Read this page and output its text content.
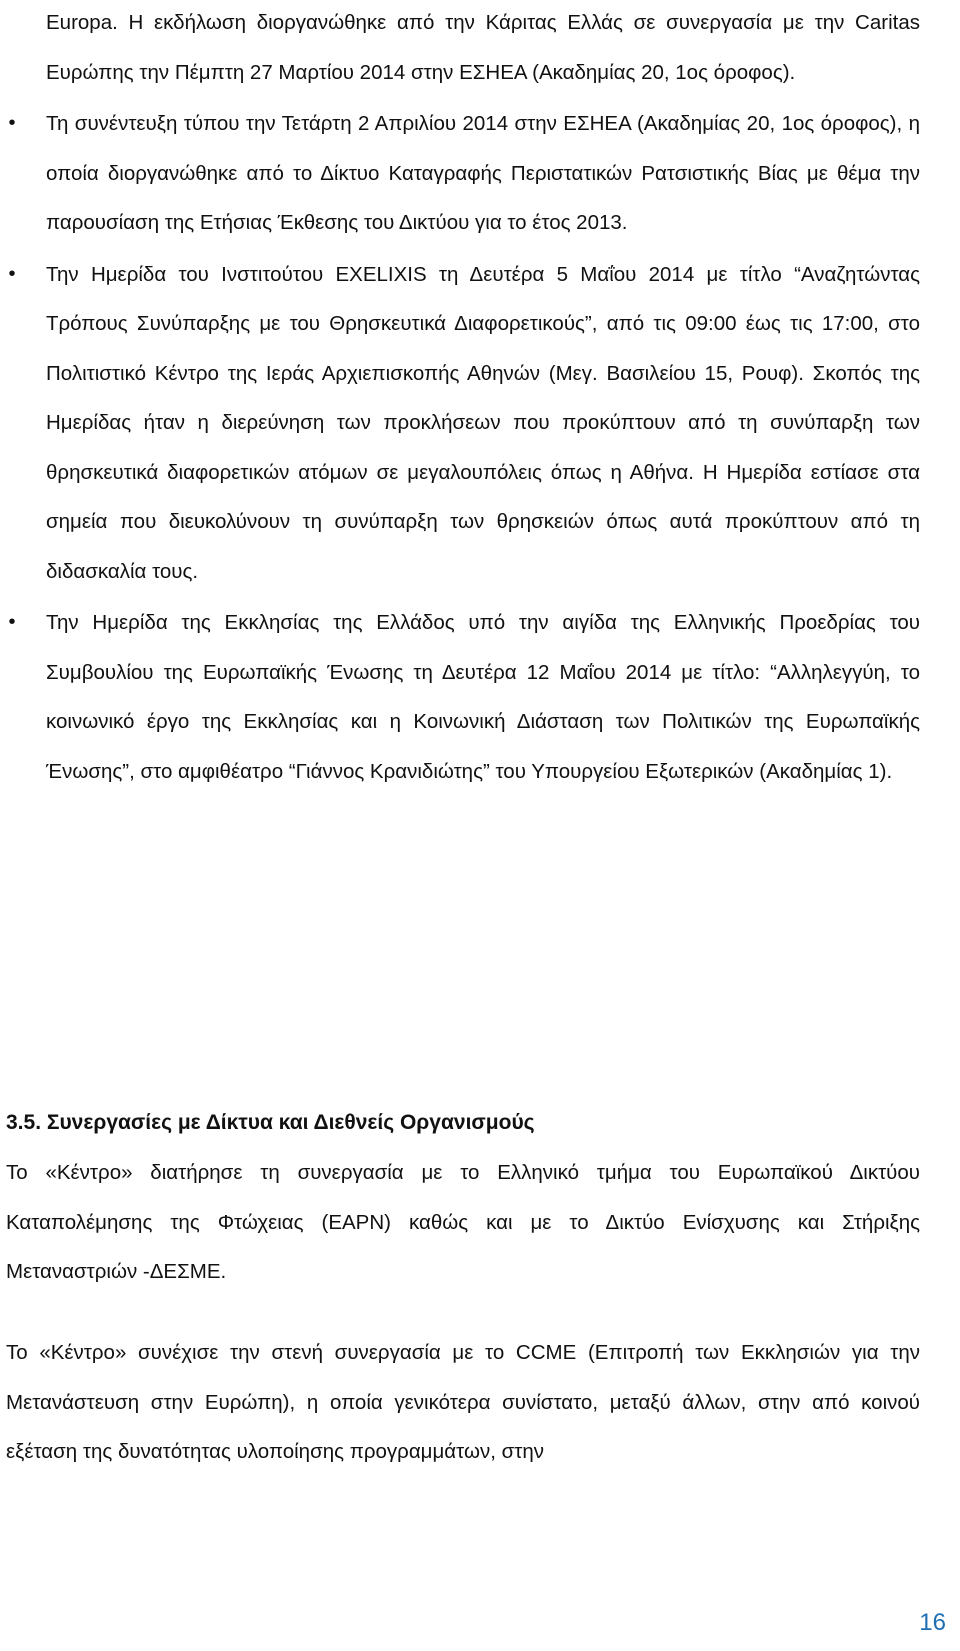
Europa. Η εκδήλωση διοργανώθηκε από την Κάριτας Ελλάς σε συνεργασία με την Caritas Ευρώπης την Πέμπτη 27 Μαρτίου 2014 στην ΕΣΗΕΑ (Ακαδημίας 20, 1ος όροφος).
• Τη συνέντευξη τύπου την Τετάρτη 2 Απριλίου 2014 στην ΕΣΗΕΑ (Ακαδημίας 20, 1ος όροφος), η οποία διοργανώθηκε από το Δίκτυο Καταγραφής Περιστατικών Ρατσιστικής Βίας με θέμα την παρουσίαση της Ετήσιας Έκθεσης του Δικτύου για το έτος 2013.
• Την Ημερίδα του Ινστιτούτου EXELIXIS τη Δευτέρα 5 Μαΐου 2014 με τίτλο “Αναζητώντας Τρόπους Συνύπαρξης με του Θρησκευτικά Διαφορετικούς”, από τις 09:00 έως τις 17:00, στο Πολιτιστικό Κέντρο της Ιεράς Αρχιεπισκοπής Αθηνών (Μεγ. Βασιλείου 15, Ρουφ). Σκοπός της Ημερίδας ήταν η διερεύνηση των προκλήσεων που προκύπτουν από τη συνύπαρξη των θρησκευτικά διαφορετικών ατόμων σε μεγαλουπόλεις όπως η Αθήνα. Η Ημερίδα εστίασε στα σημεία που διευκολύνουν τη συνύπαρξη των θρησκειών όπως αυτά προκύπτουν από τη διδασκαλία τους.
• Την Ημερίδα της Εκκλησίας της Ελλάδος υπό την αιγίδα της Ελληνικής Προεδρίας του Συμβουλίου της Ευρωπαϊκής Ένωσης τη Δευτέρα 12 Μαΐου 2014 με τίτλο: “Αλληλεγγύη, το κοινωνικό έργο της Εκκλησίας και η Κοινωνική Διάσταση των Πολιτικών της Ευρωπαϊκής Ένωσης”, στο αμφιθέατρο “Γιάννος Κρανιδιώτης” του Υπουργείου Εξωτερικών (Ακαδημίας 1).
3.5. Συνεργασίες με Δίκτυα και Διεθνείς Οργανισμούς
Το «Κέντρο» διατήρησε τη συνεργασία με το Ελληνικό τμήμα του Ευρωπαϊκού Δικτύου Καταπολέμησης της Φτώχειας (EAPN) καθώς και με το Δικτύο Ενίσχυσης και Στήριξης Μεταναστριών -ΔΕΣΜΕ.
Το «Κέντρο» συνέχισε την στενή συνεργασία με το CCME (Επιτροπή των Εκκλησιών για την Μετανάστευση στην Ευρώπη), η οποία γενικότερα συνίστατο, μεταξύ άλλων, στην από κοινού εξέταση της δυνατότητας υλοποίησης προγραμμάτων, στην
16
